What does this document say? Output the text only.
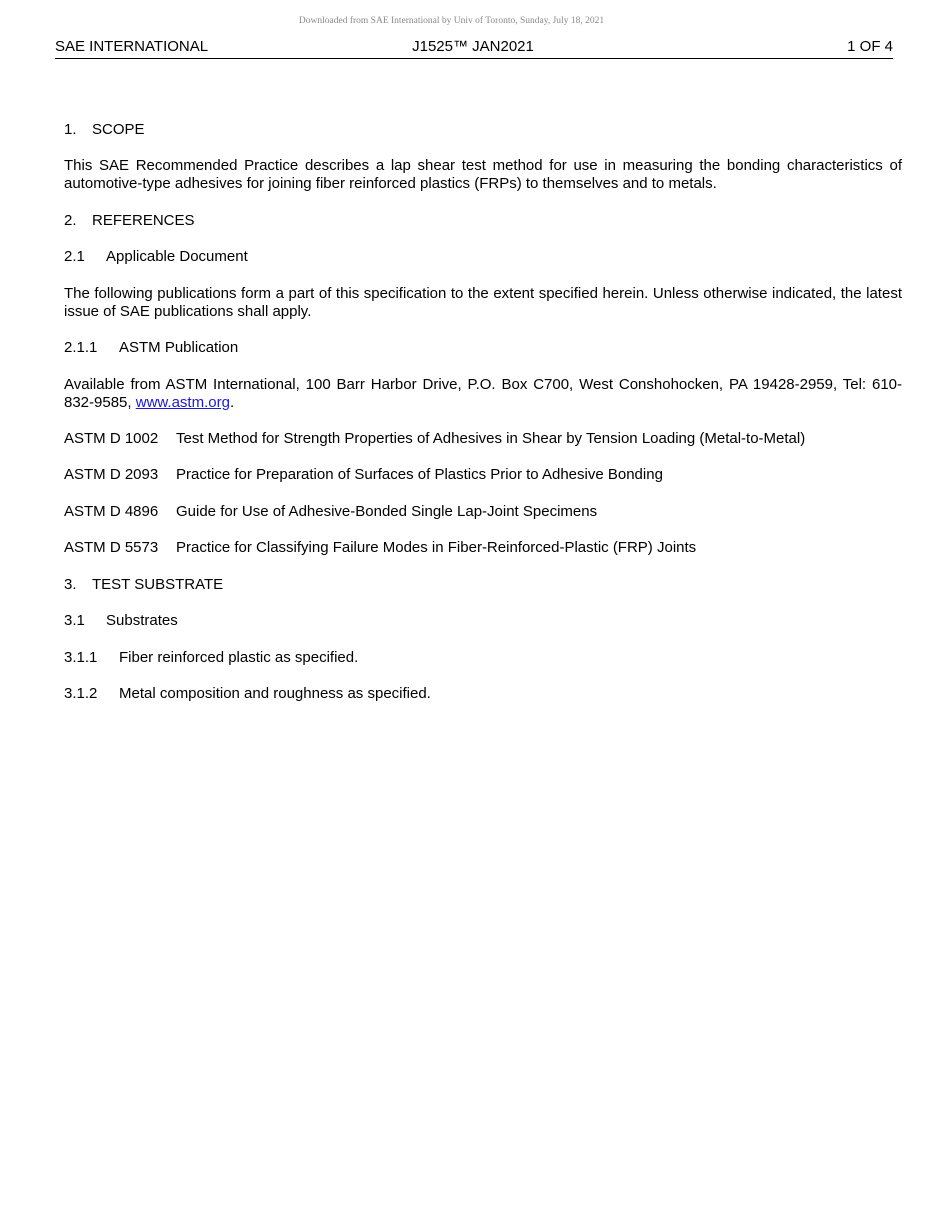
Downloaded from SAE International by Univ of Toronto, Sunday, July 18, 2021
SAE INTERNATIONAL	J1525™ JAN2021	1 OF 4
1. SCOPE
This SAE Recommended Practice describes a lap shear test method for use in measuring the bonding characteristics of automotive-type adhesives for joining fiber reinforced plastics (FRPs) to themselves and to metals.
2. REFERENCES
2.1 Applicable Document
The following publications form a part of this specification to the extent specified herein. Unless otherwise indicated, the latest issue of SAE publications shall apply.
2.1.1 ASTM Publication
Available from ASTM International, 100 Barr Harbor Drive, P.O. Box C700, West Conshohocken, PA 19428-2959, Tel: 610-832-9585, www.astm.org.
ASTM D 1002 Test Method for Strength Properties of Adhesives in Shear by Tension Loading (Metal-to-Metal)
ASTM D 2093 Practice for Preparation of Surfaces of Plastics Prior to Adhesive Bonding
ASTM D 4896 Guide for Use of Adhesive-Bonded Single Lap-Joint Specimens
ASTM D 5573 Practice for Classifying Failure Modes in Fiber-Reinforced-Plastic (FRP) Joints
3. TEST SUBSTRATE
3.1 Substrates
3.1.1 Fiber reinforced plastic as specified.
3.1.2 Metal composition and roughness as specified.
